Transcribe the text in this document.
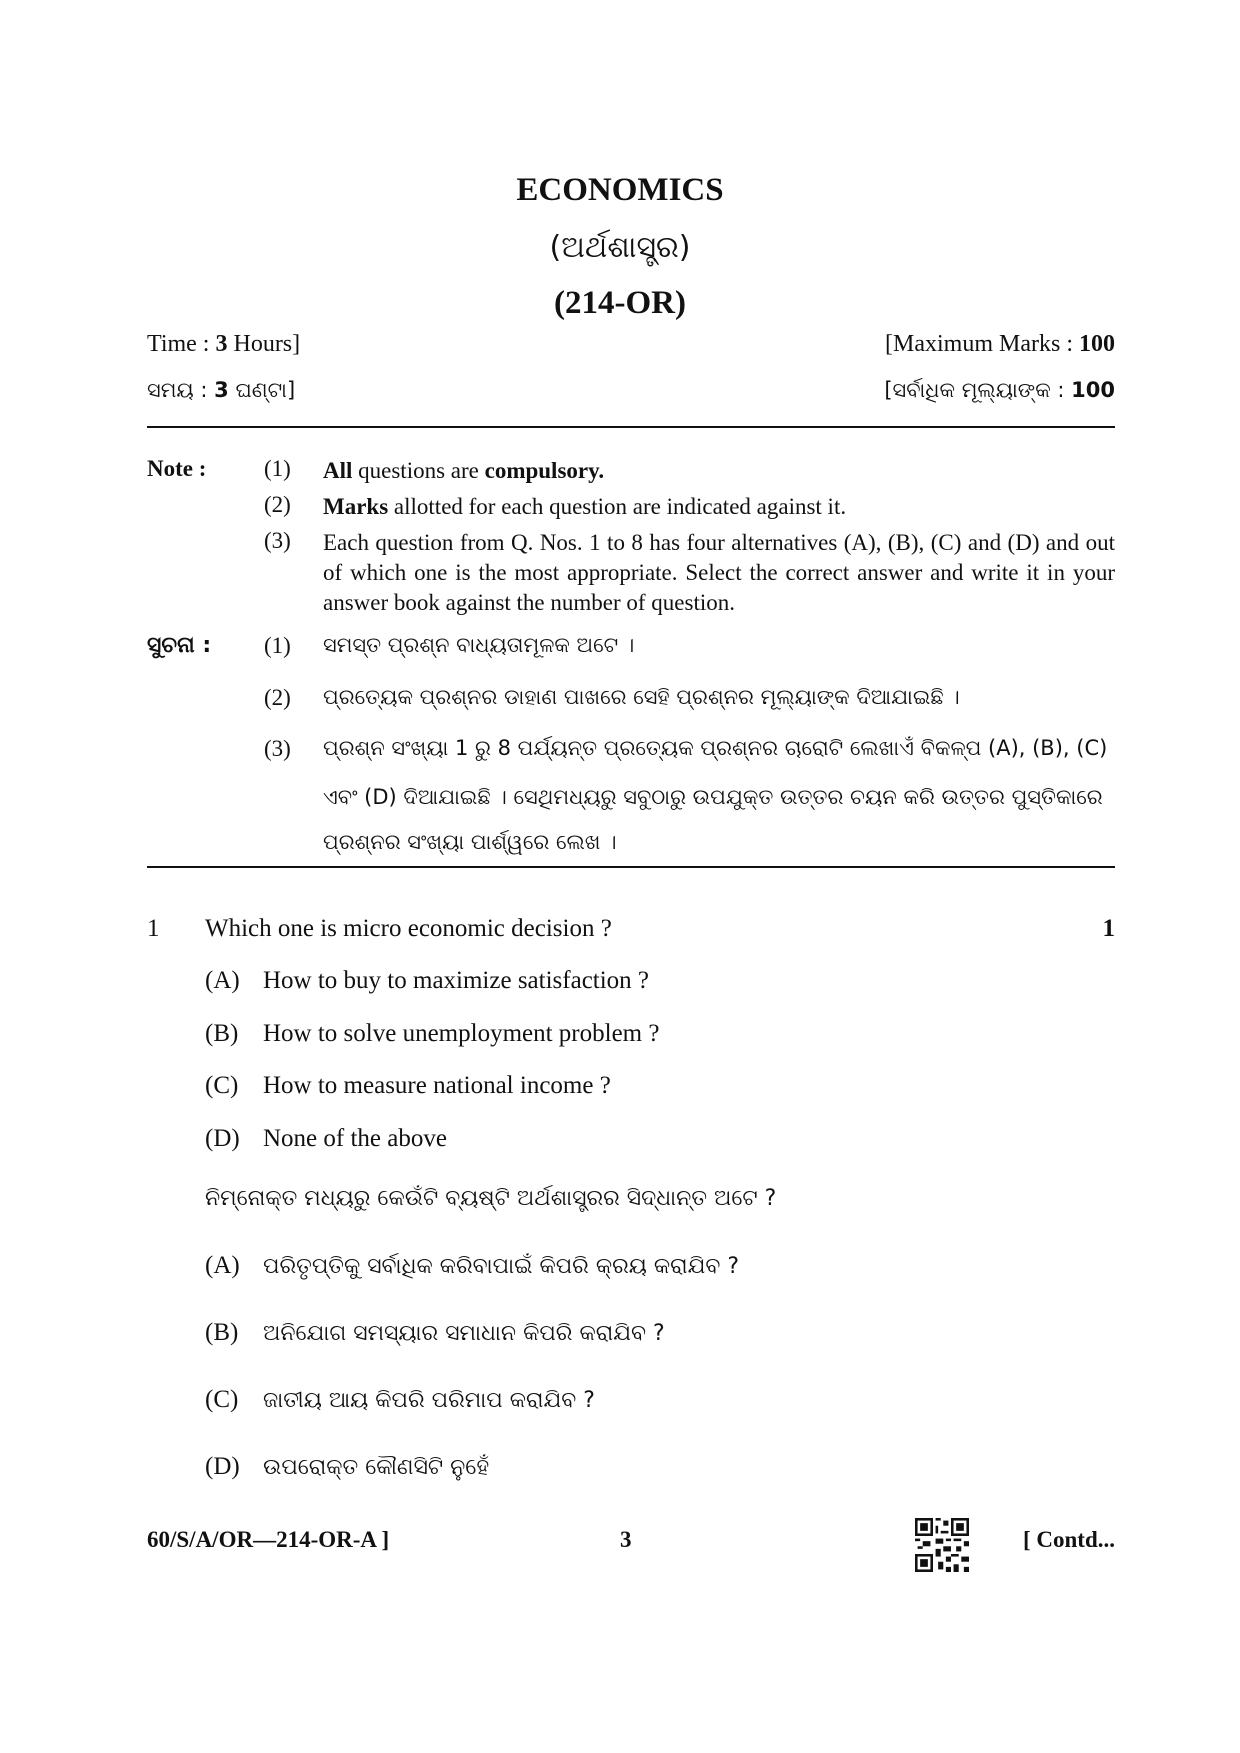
ECONOMICS
(ଅର୍ଥଶାସ୍ତ୍ର)
(214-OR)
Time : 3 Hours]	[Maximum Marks : 100
ସମୟ : 3 ଘଣ୍ଟା]	[ସର୍ବାଧିକ ମୂଲ୍ୟାଙ୍କ : 100
Note :	(1) All questions are compulsory.
(2) Marks allotted for each question are indicated against it.
(3) Each question from Q. Nos. 1 to 8 has four alternatives (A), (B), (C) and (D) and out of which one is the most appropriate. Select the correct answer and write it in your answer book against the number of question.
ସୁଚନା : (1) ସମସ୍ତ ପ୍ରଶ୍ନ ବାଧ୍ୟତାମୂଳକ ଅଟେ ।
(2) ପ୍ରତ୍ୟେକ ପ୍ରଶ୍ନର ଡାହାଣ ପାଖରେ ସେହି ପ୍ରଶ୍ନର ମୂଲ୍ୟାଙ୍କ ଦିଆଯାଇଛି ।
(3) ପ୍ରଶ୍ନ ସଂଖ୍ୟା 1 ରୁ 8 ପର୍ଯ୍ୟନ୍ତ ପ୍ରତ୍ୟେକ ପ୍ରଶ୍ନର ଚାରୋଟି ଲେଖାଏଁ ବିକଳ୍ପ (A), (B), (C)
ଏବଂ (D) ଦିଆଯାଇଛି । ସେଥିମଧ୍ୟରୁ ସବୁଠାରୁ ଉପଯୁକ୍ତ ଉତ୍ତର ଚୟନ କରି ଉତ୍ତର ପୁସ୍ତିକାରେ
ପ୍ରଶ୍ନର ସଂଖ୍ୟା ପାର୍ଶ୍ୱରେ ଲେଖ ।
1 Which one is micro economic decision ?	1
(A) How to buy to maximize satisfaction ?
(B) How to solve unemployment problem ?
(C) How to measure national income ?
(D) None of the above
ନିମ୍ନୋକ୍ତ ମଧ୍ୟରୁ କେଉଁଟି ବ୍ୟଷ୍ଟି ଅର୍ଥଶାସ୍ତ୍ରର ସିଦ୍ଧାନ୍ତ ଅଟେ ?
(A) ପରିତୃପ୍ତିକୁ ସର୍ବାଧିକ କରିବାପାଇଁ କିପରି କ୍ରୟ କରାଯିବ ?
(B) ଅନିଯୋଗ ସମସ୍ୟାର ସମାଧାନ କିପରି କରାଯିବ ?
(C) ଜାତୀୟ ଆୟ କିପରି ପରିମାପ କରାଯିବ ?
(D) ଉପରୋକ୍ତ କୌଣସିଟି ନୁହେଁ
60/S/A/OR—214-OR-A ]	3	[ Contd...
